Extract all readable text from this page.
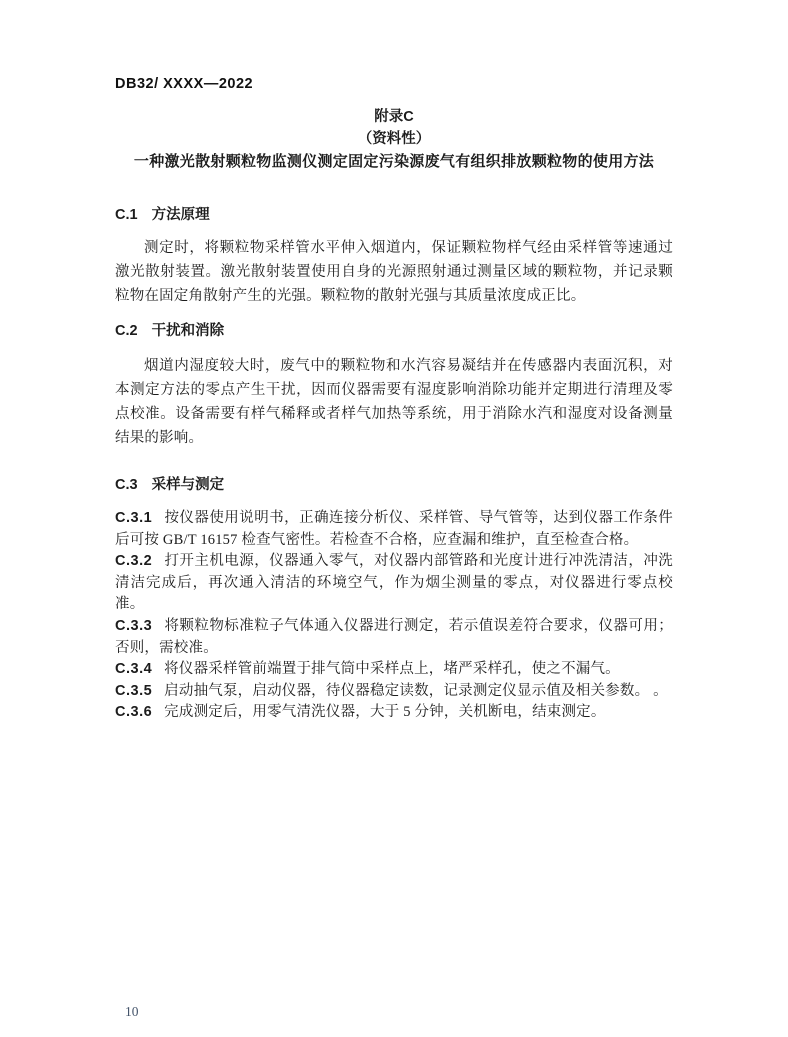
DB32/ XXXX—2022
附录C
（资料性）
一种激光散射颗粒物监测仪测定固定污染源废气有组织排放颗粒物的使用方法
C.1 方法原理

测定时，将颗粒物采样管水平伸入烟道内，保证颗粒物样气经由采样管等速通过激光散射装置。激光散射装置使用自身的光源照射通过测量区域的颗粒物，并记录颗粒物在固定角散射产生的光强。颗粒物的散射光强与其质量浓度成正比。

C.2 干扰和消除

烟道内湿度较大时，废气中的颗粒物和水汽容易凝结并在传感器内表面沉积，对本测定方法的零点产生干扰，因而仪器需要有湿度影响消除功能并定期进行清理及零点校准。设备需要有样气稀释或者样气加热等系统，用于消除水汽和湿度对设备测量结果的影响。

C.3 采样与测定

C.3.1 按仪器使用说明书，正确连接分析仪、采样管、导气管等，达到仪器工作条件后可按 GB/T 16157 检查气密性。若检查不合格，应查漏和维护，直至检查合格。

C.3.2 打开主机电源，仪器通入零气，对仪器内部管路和光度计进行冲洗清洁，冲洗清洁完成后，再次通入清洁的环境空气，作为烟尘测量的零点，对仪器进行零点校准。

C.3.3 将颗粒物标准粒子气体通入仪器进行测定，若示值误差符合要求，仪器可用；否则，需校准。

C.3.4 将仪器采样管前端置于排气筒中采样点上，堵严采样孔，使之不漏气。

C.3.5 启动抽气泵，启动仪器，待仪器稳定读数，记录测定仪显示值及相关参数。 。

C.3.6 完成测定后，用零气清洗仪器，大于 5 分钟，关机断电，结束测定。

10
